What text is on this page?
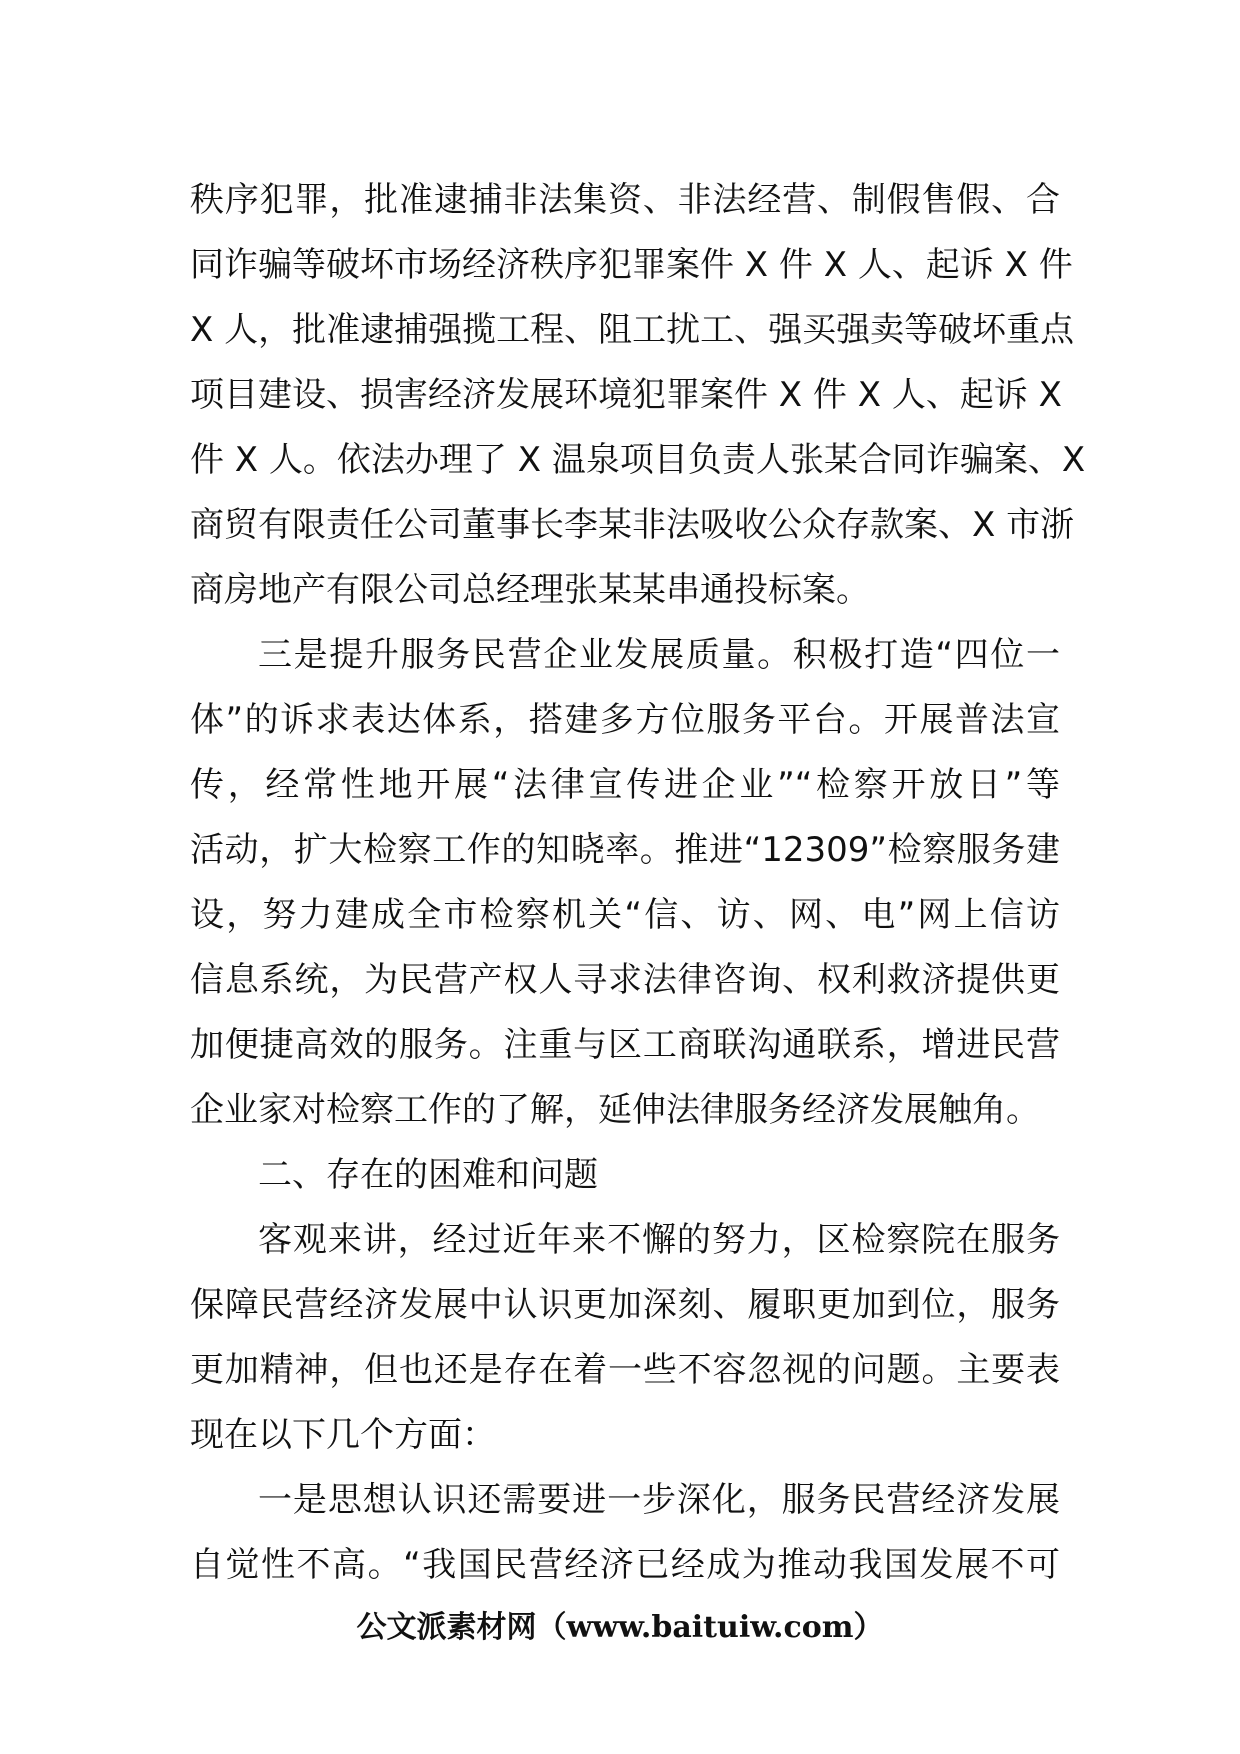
秩序犯罪，批准逮捕非法集资、非法经营、制假售假、合
同诈骗等破坏市场经济秩序犯罪案件 X 件 X 人、起诉 X 件
X 人，批准逮捕强揽工程、阻工扰工、强买强卖等破坏重点
项目建设、损害经济发展环境犯罪案件 X 件 X 人、起诉 X
件 X 人。依法办理了 X 温泉项目负责人张某合同诈骗案、X
商贸有限责任公司董事长李某非法吸收公众存款案、X 市浙
商房地产有限公司总经理张某某串通投标案。
三是提升服务民营企业发展质量。积极打造“四位一
体”的诉求表达体系，搭建多方位服务平台。开展普法宣
传，经常性地开展“法律宣传进企业”“检察开放日”等
活动，扩大检察工作的知晓率。推进“12309”检察服务建
设，努力建成全市检察机关“信、访、网、电”网上信访
信息系统，为民营产权人寻求法律咨询、权利救济提供更
加便捷高效的服务。注重与区工商联沟通联系，增进民营
企业家对检察工作的了解，延伸法律服务经济发展触角。
二、存在的困难和问题
客观来讲，经过近年来不懈的努力，区检察院在服务
保障民营经济发展中认识更加深刻、履职更加到位，服务
更加精神，但也还是存在着一些不容忽视的问题。主要表
现在以下几个方面：
一是思想认识还需要进一步深化，服务民营经济发展
自觉性不高。“我国民营经济已经成为推动我国发展不可
公文派素材网（www.baituiw.com）
